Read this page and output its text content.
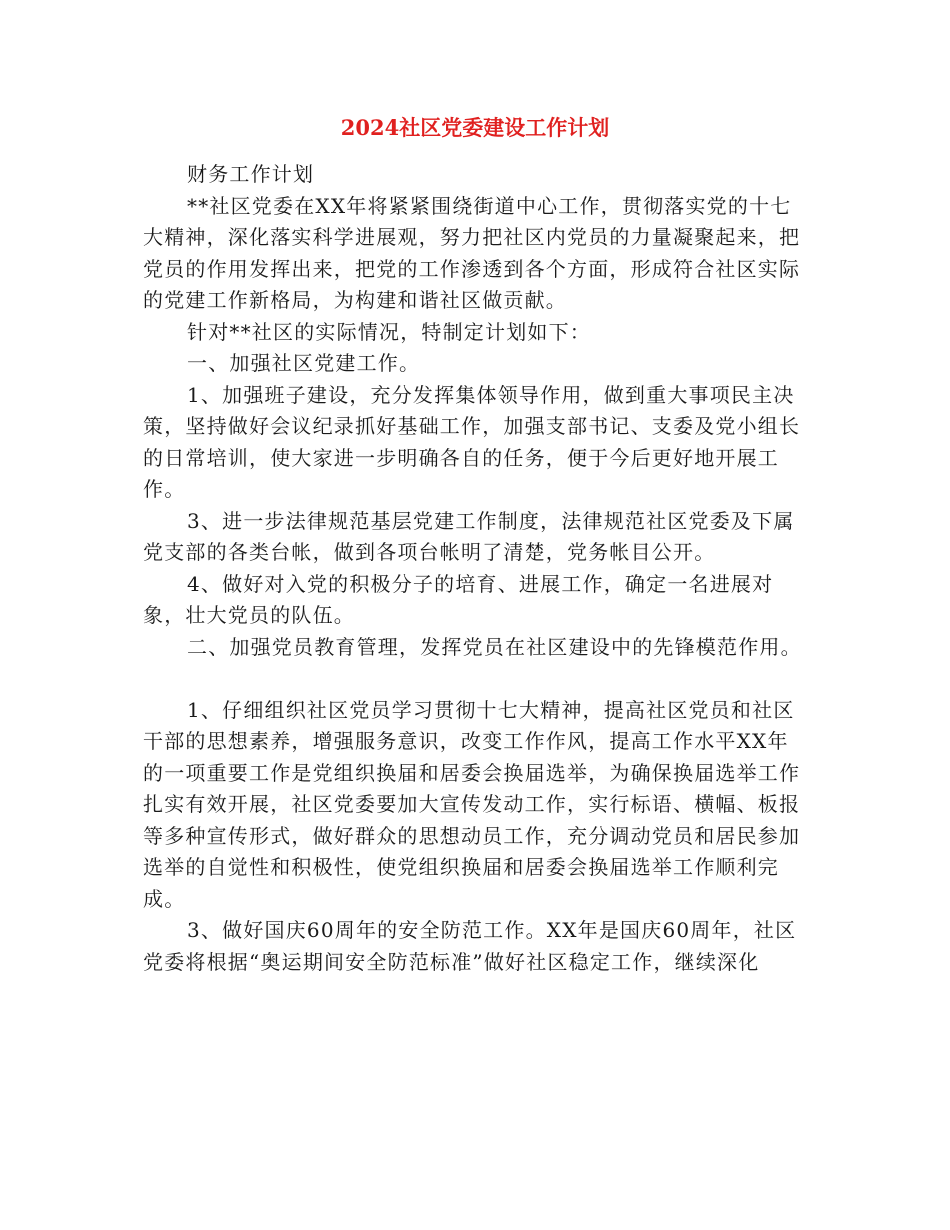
2024社区党委建设工作计划

财务工作计划

**社区党委在XX年将紧紧围绕街道中心工作，贯彻落实党的十七大精神，深化落实科学进展观，努力把社区内党员的力量凝聚起来，把党员的作用发挥出来，把党的工作渗透到各个方面，形成符合社区实际的党建工作新格局，为构建和谐社区做贡献。

针对**社区的实际情况，特制定计划如下：

一、加强社区党建工作。

1、加强班子建设，充分发挥集体领导作用，做到重大事项民主决策，坚持做好会议纪录抓好基础工作，加强支部书记、支委及党小组长的日常培训，使大家进一步明确各自的任务，便于今后更好地开展工作。

3、进一步法律规范基层党建工作制度，法律规范社区党委及下属党支部的各类台帐，做到各项台帐明了清楚，党务帐目公开。

4、做好对入党的积极分子的培育、进展工作，确定一名进展对象，壮大党员的队伍。

二、加强党员教育管理，发挥党员在社区建设中的先锋模范作用。

1、仔细组织社区党员学习贯彻十七大精神，提高社区党员和社区干部的思想素养，增强服务意识，改变工作作风，提高工作水平XX年的一项重要工作是党组织换届和居委会换届选举，为确保换届选举工作扎实有效开展，社区党委要加大宣传发动工作，实行标语、横幅、板报等多种宣传形式，做好群众的思想动员工作，充分调动党员和居民参加选举的自觉性和积极性，使党组织换届和居委会换届选举工作顺利完成。

3、做好国庆60周年的安全防范工作。XX年是国庆60周年，社区党委将根据“奥运期间安全防范标准”做好社区稳定工作，继续深化
